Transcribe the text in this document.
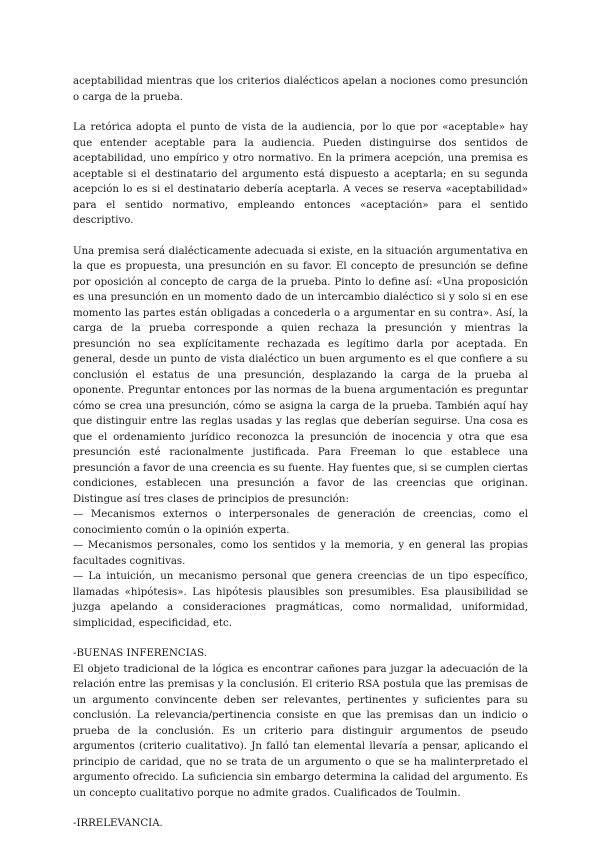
aceptabilidad mientras que los criterios dialécticos apelan a nociones como presunción o carga de la prueba.

La retórica adopta el punto de vista de la audiencia, por lo que por «aceptable» hay que entender aceptable para la audiencia. Pueden distinguirse dos sentidos de aceptabilidad, uno empírico y otro normativo. En la primera acepción, una premisa es aceptable si el destinatario del argumento está dispuesto a aceptarla; en su segunda acepción lo es si el destinatario debería aceptarla. A veces se reserva «aceptabilidad» para el sentido normativo, empleando entonces «aceptación» para el sentido descriptivo.

Una premisa será dialécticamente adecuada si existe, en la situación argumentativa en la que es propuesta, una presunción en su favor. El concepto de presunción se define por oposición al concepto de carga de la prueba. Pinto lo define así: «Una proposición es una presunción en un momento dado de un intercambio dialéctico si y solo si en ese momento las partes están obligadas a concederla o a argumentar en su contra». Así, la carga de la prueba corresponde a quien rechaza la presunción y mientras la presunción no sea explícitamente rechazada es legítimo darla por aceptada. En general, desde un punto de vista dialéctico un buen argumento es el que confiere a su conclusión el estatus de una presunción, desplazando la carga de la prueba al oponente. Preguntar entonces por las normas de la buena argumentación es preguntar cómo se crea una presunción, cómo se asigna la carga de la prueba. También aquí hay que distinguir entre las reglas usadas y las reglas que deberían seguirse. Una cosa es que el ordenamiento jurídico reconozca la presunción de inocencia y otra que esa presunción esté racionalmente justificada. Para Freeman lo que establece una presunción a favor de una creencia es su fuente. Hay fuentes que, si se cumplen ciertas condiciones, establecen una presunción a favor de las creencias que originan. Distingue así tres clases de principios de presunción:

— Mecanismos externos o interpersonales de generación de creencias, como el conocimiento común o la opinión experta.

— Mecanismos personales, como los sentidos y la memoria, y en general las propias facultades cognitivas.

— La intuición, un mecanismo personal que genera creencias de un tipo específico, llamadas «hipótesis». Las hipótesis plausibles son presumibles. Esa plausibilidad se juzga apelando a consideraciones pragmáticas, como normalidad, uniformidad, simplicidad, especificidad, etc.

-BUENAS INFERENCIAS.

El objeto tradicional de la lógica es encontrar cañones para juzgar la adecuación de la relación entre las premisas y la conclusión. El criterio RSA postula que las premisas de un argumento convincente deben ser relevantes, pertinentes y suficientes para su conclusión. La relevancia/pertinencia consiste en que las premisas dan un indicio o prueba de la conclusión. Es un criterio para distinguir argumentos de pseudo argumentos (criterio cualitativo). Jn falló tan elemental llevaría a pensar, aplicando el principio de caridad, que no se trata de un argumento o que se ha malinterpretado el argumento ofrecido. La suficiencia sin embargo determina la calidad del argumento. Es un concepto cualitativo porque no admite grados. Cualificados de Toulmin.

-IRRELEVANCIA.
